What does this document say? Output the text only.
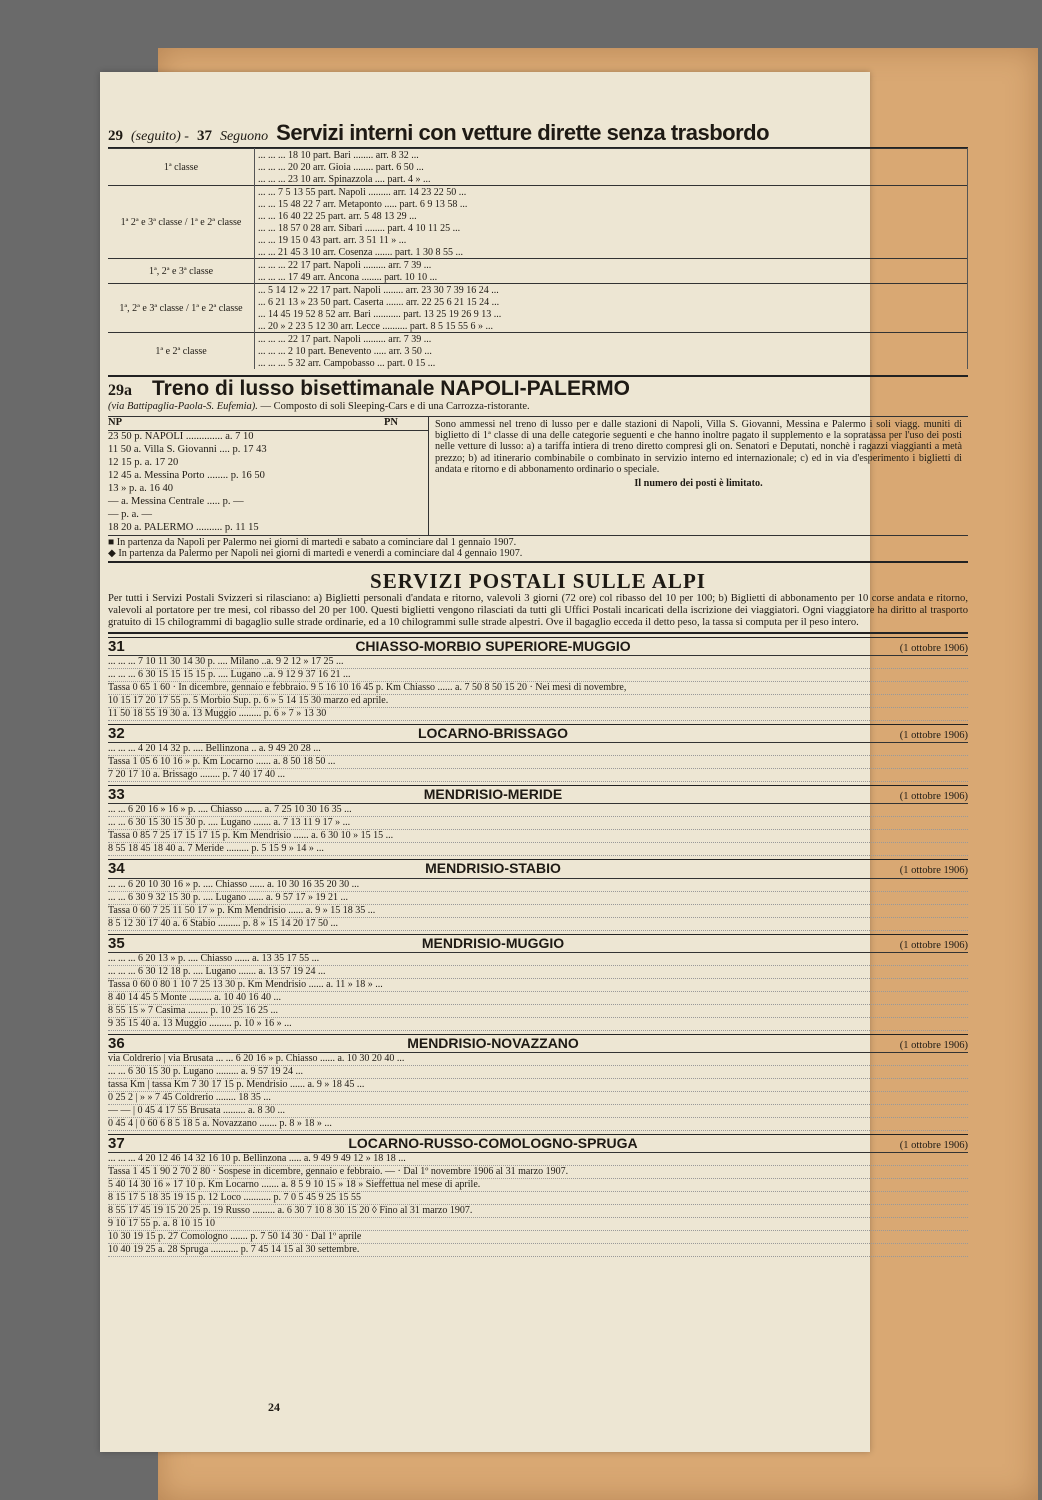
29 (seguito) - 37 Seguono Servizi interni con vetture dirette senza trasbordo
1ª classe	... ... ... 18 10 part. Bari ........ arr. 8 32 ...
	... ... ... 20 20 arr. Gioia ........ part. 6 50 ...
	... ... ... 23 10 arr. Spinazzola .... part. 4 » ...
1ª 2ª e 3ª classe / 1ª e 2ª classe	... ... 7 5 13 55 part. Napoli ......... arr. 14 23 22 50 ...
	... ... 15 48 22 7 arr. Metaponto ..... part. 6 9 13 58 ...
	... ... 16 40 22 25 part. arr. 5 48 13 29 ...
	... ... 18 57 0 28 arr. Sibari ........ part. 4 10 11 25 ...
	... ... 19 15 0 43 part. arr. 3 51 11 » ...
	... ... 21 45 3 10 arr. Cosenza ....... part. 1 30 8 55 ...
1ª, 2ª e 3ª classe	... ... ... 22 17 part. Napoli ......... arr. 7 39 ...
	... ... ... 17 49 arr. Ancona ........ part. 10 10 ...
1ª, 2ª e 3ª classe / 1ª e 2ª classe	... 5 14 12 » 22 17 part. Napoli ........ arr. 23 30 7 39 16 24 ...
	... 6 21 13 » 23 50 part. Caserta ....... arr. 22 25 6 21 15 24 ...
	... 14 45 19 52 8 52 arr. Bari ........... part. 13 25 19 26 9 13 ...
	... 20 » 2 23 5 12 30 arr. Lecce .......... part. 8 5 15 55 6 » ...
1ª e 2ª classe	... ... ... 22 17 part. Napoli ......... arr. 7 39 ...
	... ... ... 2 10 part. Benevento ..... arr. 3 50 ...
	... ... ... 5 32 arr. Campobasso ... part. 0 15 ...
29a Treno di lusso bisettimanale NAPOLI-PALERMO
(via Battipaglia-Paola-S. Eufemia). — Composto di soli Sleeping-Cars e di una Carrozza-ristorante.
NP	PN
23 50 p. NAPOLI .............. a. 7 10
11 50 a. Villa S. Giovanni .... p. 17 43
12 15 p. a. 17 20
12 45 a. Messina Porto ........ p. 16 50
13 » p. a. 16 40
— a. Messina Centrale ..... p. —
— p. a. —
18 20 a. PALERMO .......... p. 11 15
Sono ammessi nel treno di lusso per e dalle stazioni di Napoli, Villa S. Giovanni, Messina e Palermo i soli viagg. muniti di biglietto di 1ª classe di una delle categorie seguenti e che hanno inoltre pagato il supplemento e la sopratassa per l'uso dei posti nelle vetture di lusso: a) a tariffa intiera di treno diretto compresi gli on. Senatori e Deputati, nonchè i ragazzi viaggianti a metà prezzo; b) ad itinerario combinabile o combinato in servizio interno ed internazionale; c) ed in via d'esperimento i biglietti di andata e ritorno e di abbonamento ordinario o speciale.
Il numero dei posti è limitato.
■ In partenza da Napoli per Palermo nei giorni di martedì e sabato a cominciare dal 1 gennaio 1907.
◆ In partenza da Palermo per Napoli nei giorni di martedì e venerdì a cominciare dal 4 gennaio 1907.
SERVIZI POSTALI SULLE ALPI
Per tutti i Servizi Postali Svizzeri si rilasciano: a) Biglietti personali d'andata e ritorno, valevoli 3 giorni (72 ore) col ribasso del 10 per 100; b) Biglietti di abbonamento per 10 corse andata e ritorno, valevoli al portatore per tre mesi, col ribasso del 20 per 100. Questi biglietti vengono rilasciati da tutti gli Uffici Postali incaricati della iscrizione dei viaggiatori. Ogni viaggiatore ha diritto al trasporto gratuito di 15 chilogrammi di bagaglio sulle strade ordinarie, ed a 10 chilogrammi sulle strade alpestri. Ove il bagaglio ecceda il detto peso, la tassa si computa per il peso intero.
31	CHIASSO-MORBIO SUPERIORE-MUGGIO	(1 ottobre 1906)
... ... ... 7 10 11 30 14 30 p. .... Milano ..a. 9 2 12 » 17 25 ...
... ... ... 6 30 15 15 15 15 p. .... Lugano ..a. 9 12 9 37 16 21 ...
Tassa 0 65 1 60 · In dicembre, gennaio e febbraio. 9 5 16 10 16 45 p. Km Chiasso ...... a. 7 50 8 50 15 20 · Nei mesi di novembre,
10 15 17 20 17 55 p. 5 Morbio Sup. p. 6 » 5 14 15 30 marzo ed aprile.
11 50 18 55 19 30 a. 13 Muggio ......... p. 6 » 7 » 13 30
32	LOCARNO-BRISSAGO	(1 ottobre 1906)
... ... ... 4 20 14 32 p. .... Bellinzona .. a. 9 49 20 28 ...
Tassa 1 05 6 10 16 » p. Km Locarno ...... a. 8 50 18 50 ...
7 20 17 10 a. Brissago ........ p. 7 40 17 40 ...
33	MENDRISIO-MERIDE	(1 ottobre 1906)
... ... 6 20 16 » 16 » p. .... Chiasso ....... a. 7 25 10 30 16 35 ...
... ... 6 30 15 30 15 30 p. .... Lugano ....... a. 7 13 11 9 17 » ...
Tassa 0 85 7 25 17 15 17 15 p. Km Mendrisio ...... a. 6 30 10 » 15 15 ...
8 55 18 45 18 40 a. 7 Meride ......... p. 5 15 9 » 14 » ...
34	MENDRISIO-STABIO	(1 ottobre 1906)
... ... 6 20 10 30 16 » p. .... Chiasso ...... a. 10 30 16 35 20 30 ...
... ... 6 30 9 32 15 30 p. .... Lugano ...... a. 9 57 17 » 19 21 ...
Tassa 0 60 7 25 11 50 17 » p. Km Mendrisio ...... a. 9 » 15 18 35 ...
8 5 12 30 17 40 a. 6 Stabio ......... p. 8 » 15 14 20 17 50 ...
35	MENDRISIO-MUGGIO	(1 ottobre 1906)
... ... ... 6 20 13 » p. .... Chiasso ...... a. 13 35 17 55 ...
... ... ... 6 30 12 18 p. .... Lugano ....... a. 13 57 19 24 ...
Tassa 0 60 0 80 1 10 7 25 13 30 p. Km Mendrisio ...... a. 11 » 18 » ...
8 40 14 45 5 Monte ......... a. 10 40 16 40 ...
8 55 15 » 7 Casima ........ p. 10 25 16 25 ...
9 35 15 40 a. 13 Muggio ......... p. 10 » 16 » ...
36	MENDRISIO-NOVAZZANO	(1 ottobre 1906)
via Coldrerio | via Brusata ... ... 6 20 16 » p. Chiasso ...... a. 10 30 20 40 ...
... ... 6 30 15 30 p. Lugano ......... a. 9 57 19 24 ...
tassa Km | tassa Km 7 30 17 15 p. Mendrisio ...... a. 9 » 18 45 ...
0 25 2 | » » 7 45 Coldrerio ........ 18 35 ...
— — | 0 45 4 17 55 Brusata ......... a. 8 30 ...
0 45 4 | 0 60 6 8 5 18 5 a. Novazzano ....... p. 8 » 18 » ...
37	LOCARNO-RUSSO-COMOLOGNO-SPRUGA	(1 ottobre 1906)
... ... ... 4 20 12 46 14 32 16 10 p. Bellinzona ..... a. 9 49 9 49 12 » 18 18 ...
Tassa 1 45 1 90 2 70 2 80 · Sospese in dicembre, gennaio e febbraio. — · Dal 1º novembre 1906 al 31 marzo 1907.
5 40 14 30 16 » 17 10 p. Km Locarno ....... a. 8 5 9 10 15 » 18 » Sieffettua nel mese di aprile.
8 15 17 5 18 35 19 15 p. 12 Loco ........... p. 7 0 5 45 9 25 15 55
8 55 17 45 19 15 20 25 p. 19 Russo ......... a. 6 30 7 10 8 30 15 20 ◊ Fino al 31 marzo 1907.
9 10 17 55 p. a. 8 10 15 10
10 30 19 15 p. 27 Comologno ....... p. 7 50 14 30 · Dal 1º aprile
10 40 19 25 a. 28 Spruga ........... p. 7 45 14 15 al 30 settembre.
24
